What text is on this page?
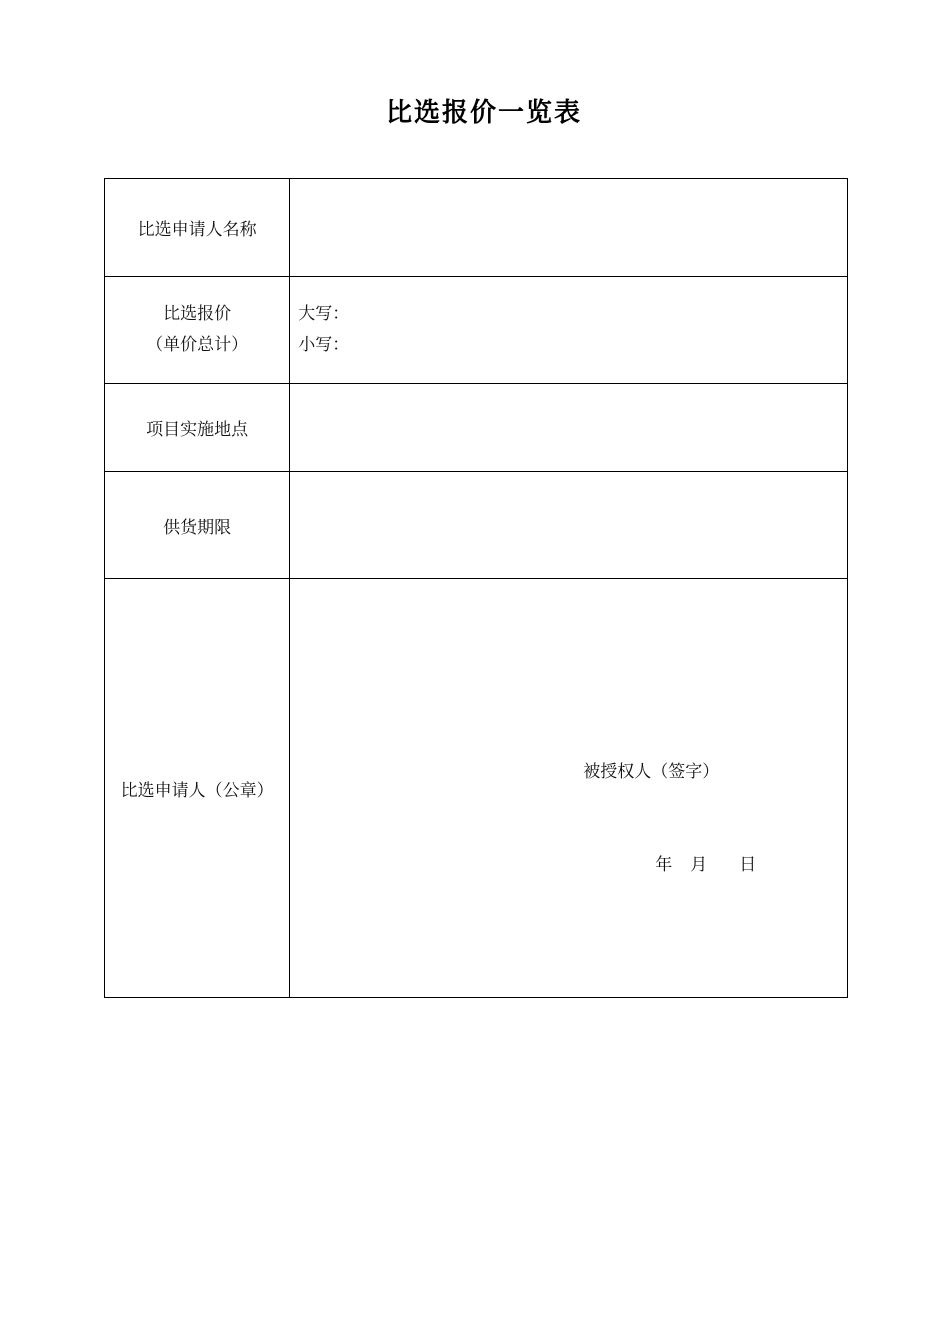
比选报价一览表
比选申请人名称	

比选报价
（单价总计）	大写：
小写：

项目实施地点	
供货期限	
比选申请人（公章）	被授权人（签字）
年 月 日
